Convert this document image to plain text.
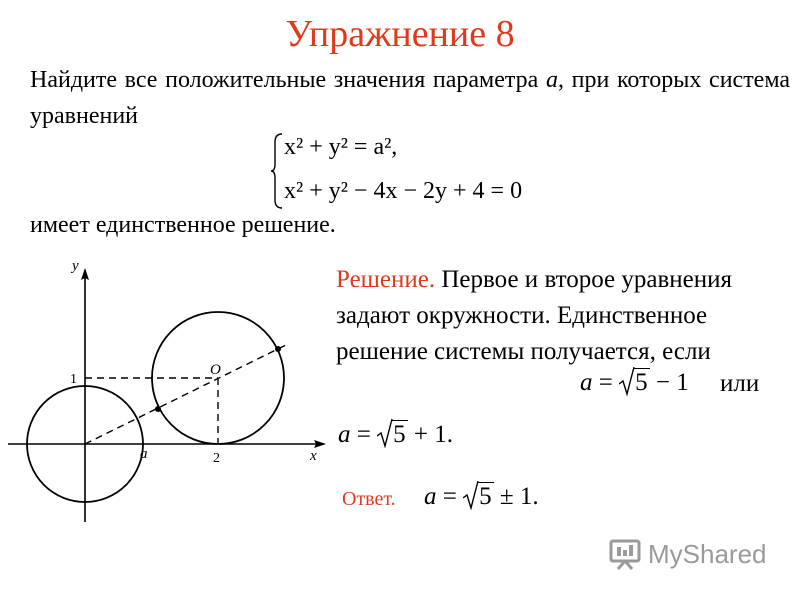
Упражнение 8
Найдите все положительные значения параметра a, при которых система уравнений
x² + y² = a²,
x² + y² − 4x − 2y + 4 = 0
имеет единственное решение.
y
x
1
2
a
O
Решение. Первое и второе уравнения задают окружности. Единственное решение системы получается, если
a =
5 − 1 или
a =
5 + 1.
Ответ. a =
5 ± 1.
MyShared
